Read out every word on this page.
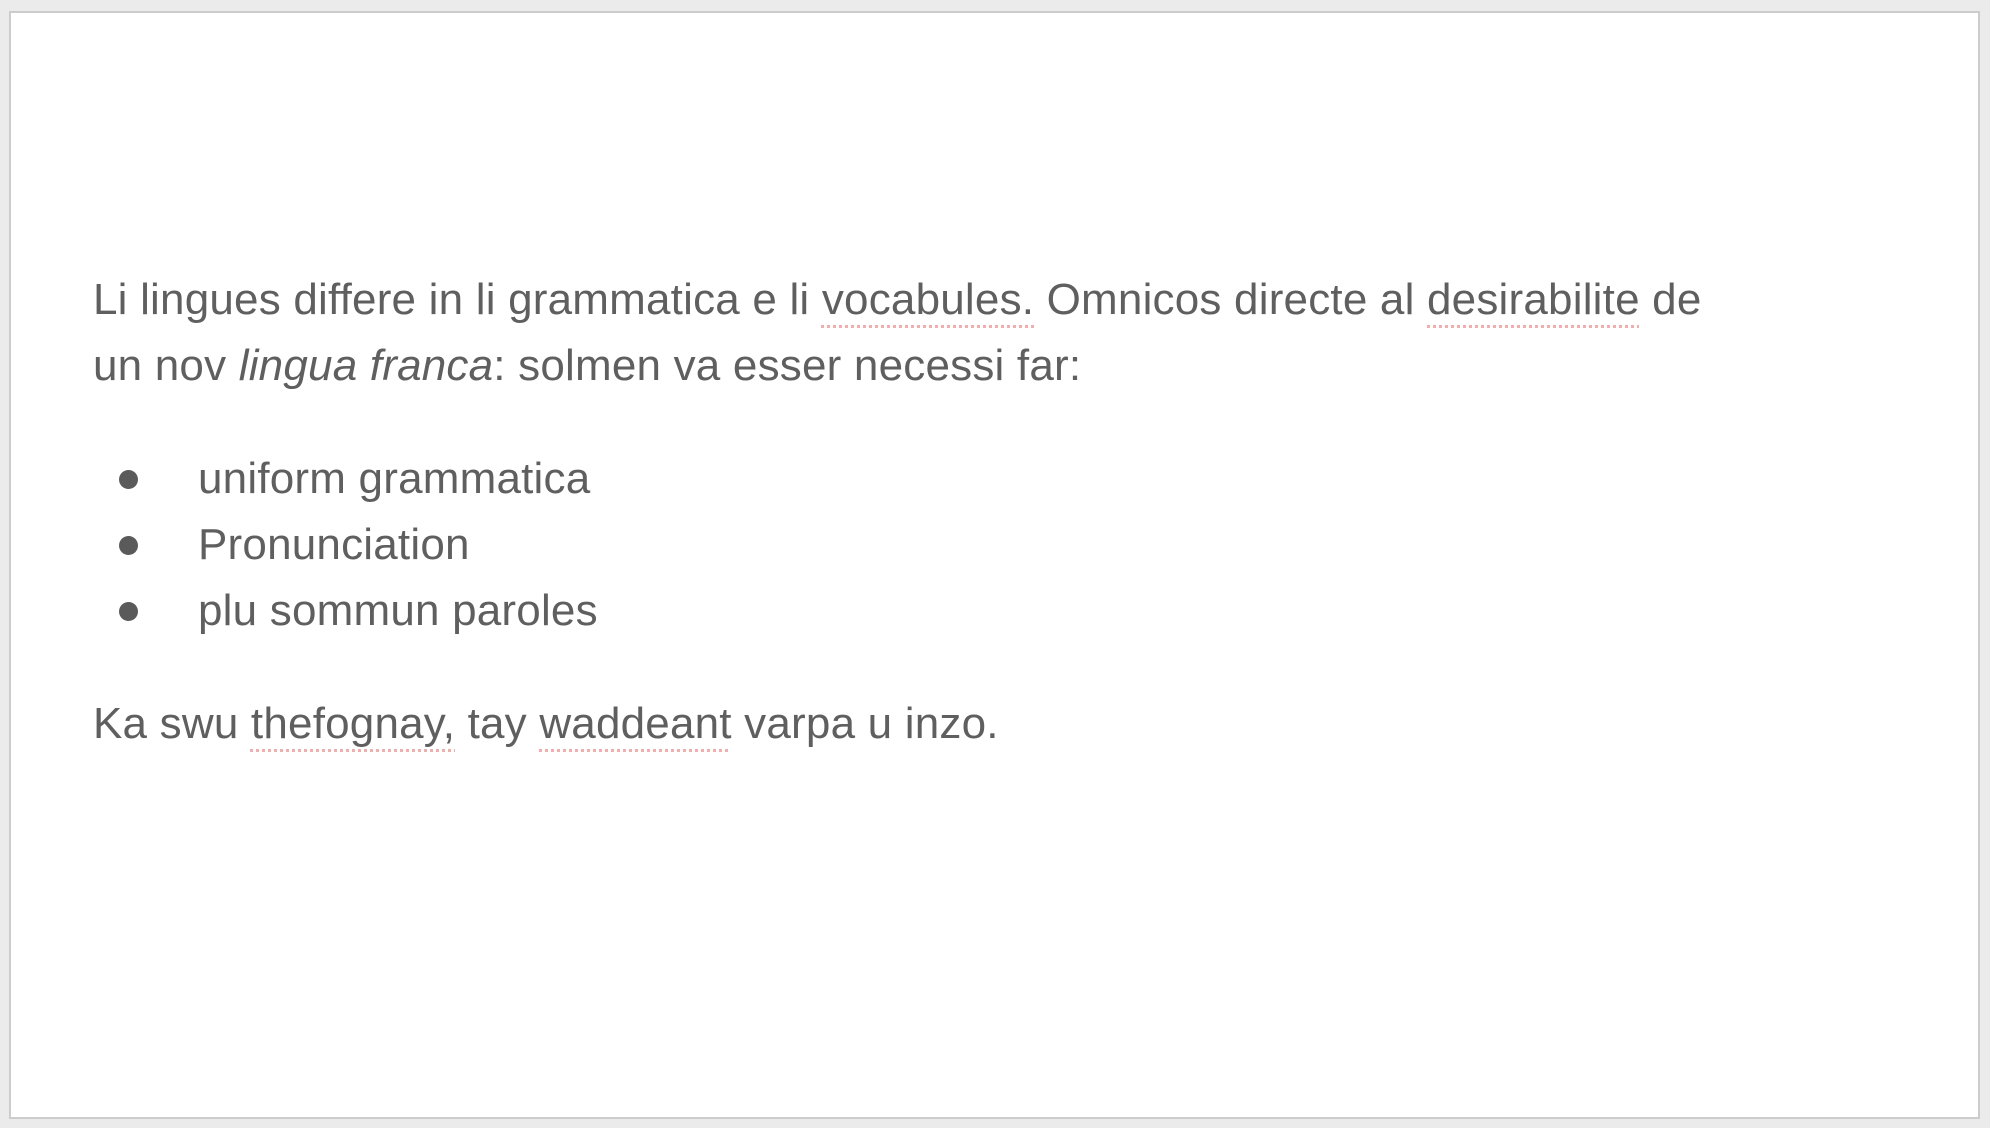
Li lingues differe in li grammatica e li vocabules. Omnicos directe al desirabilite de
un nov lingua franca: solmen va esser necessi far:

uniform grammatica
Pronunciation
plu sommun paroles

Ka swu thefognay, tay waddeant varpa u inzo.
